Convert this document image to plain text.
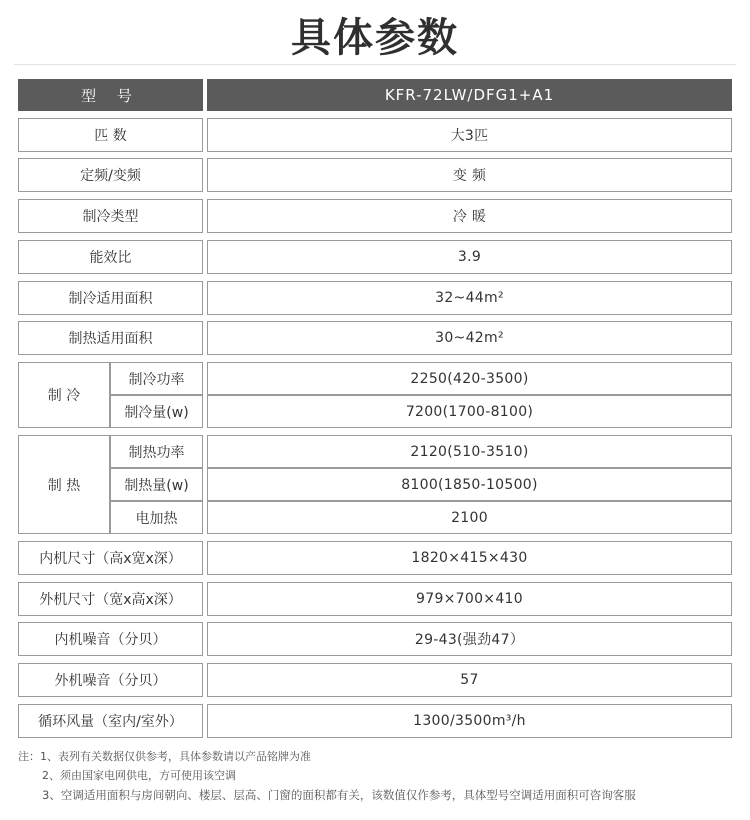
具体参数
型 号	KFR-72LW/DFG1+A1
匹 数	大3匹
定频/变频	变 频
制冷类型	冷 暖
能效比	3.9
制冷适用面积	32~44m²
制热适用面积	30~42m²
制 冷
制冷功率	2250(420-3500)
制冷量(w)	7200(1700-8100)
制 热
制热功率	2120(510-3510)
制热量(w)	8100(1850-10500)
电加热	2100
内机尺寸（高x宽x深）	1820×415×430
外机尺寸（宽x高x深）	979×700×410
内机噪音（分贝）	29-43(强劲47）
外机噪音（分贝）	57
循环风量（室内/室外）	1300/3500m³/h
注：1、表列有关数据仅供参考，具体参数请以产品铭牌为准
2、须由国家电网供电，方可使用该空调
3、空调适用面积与房间朝向、楼层、层高、门窗的面积都有关，该数值仅作参考，具体型号空调适用面积可咨询客服
